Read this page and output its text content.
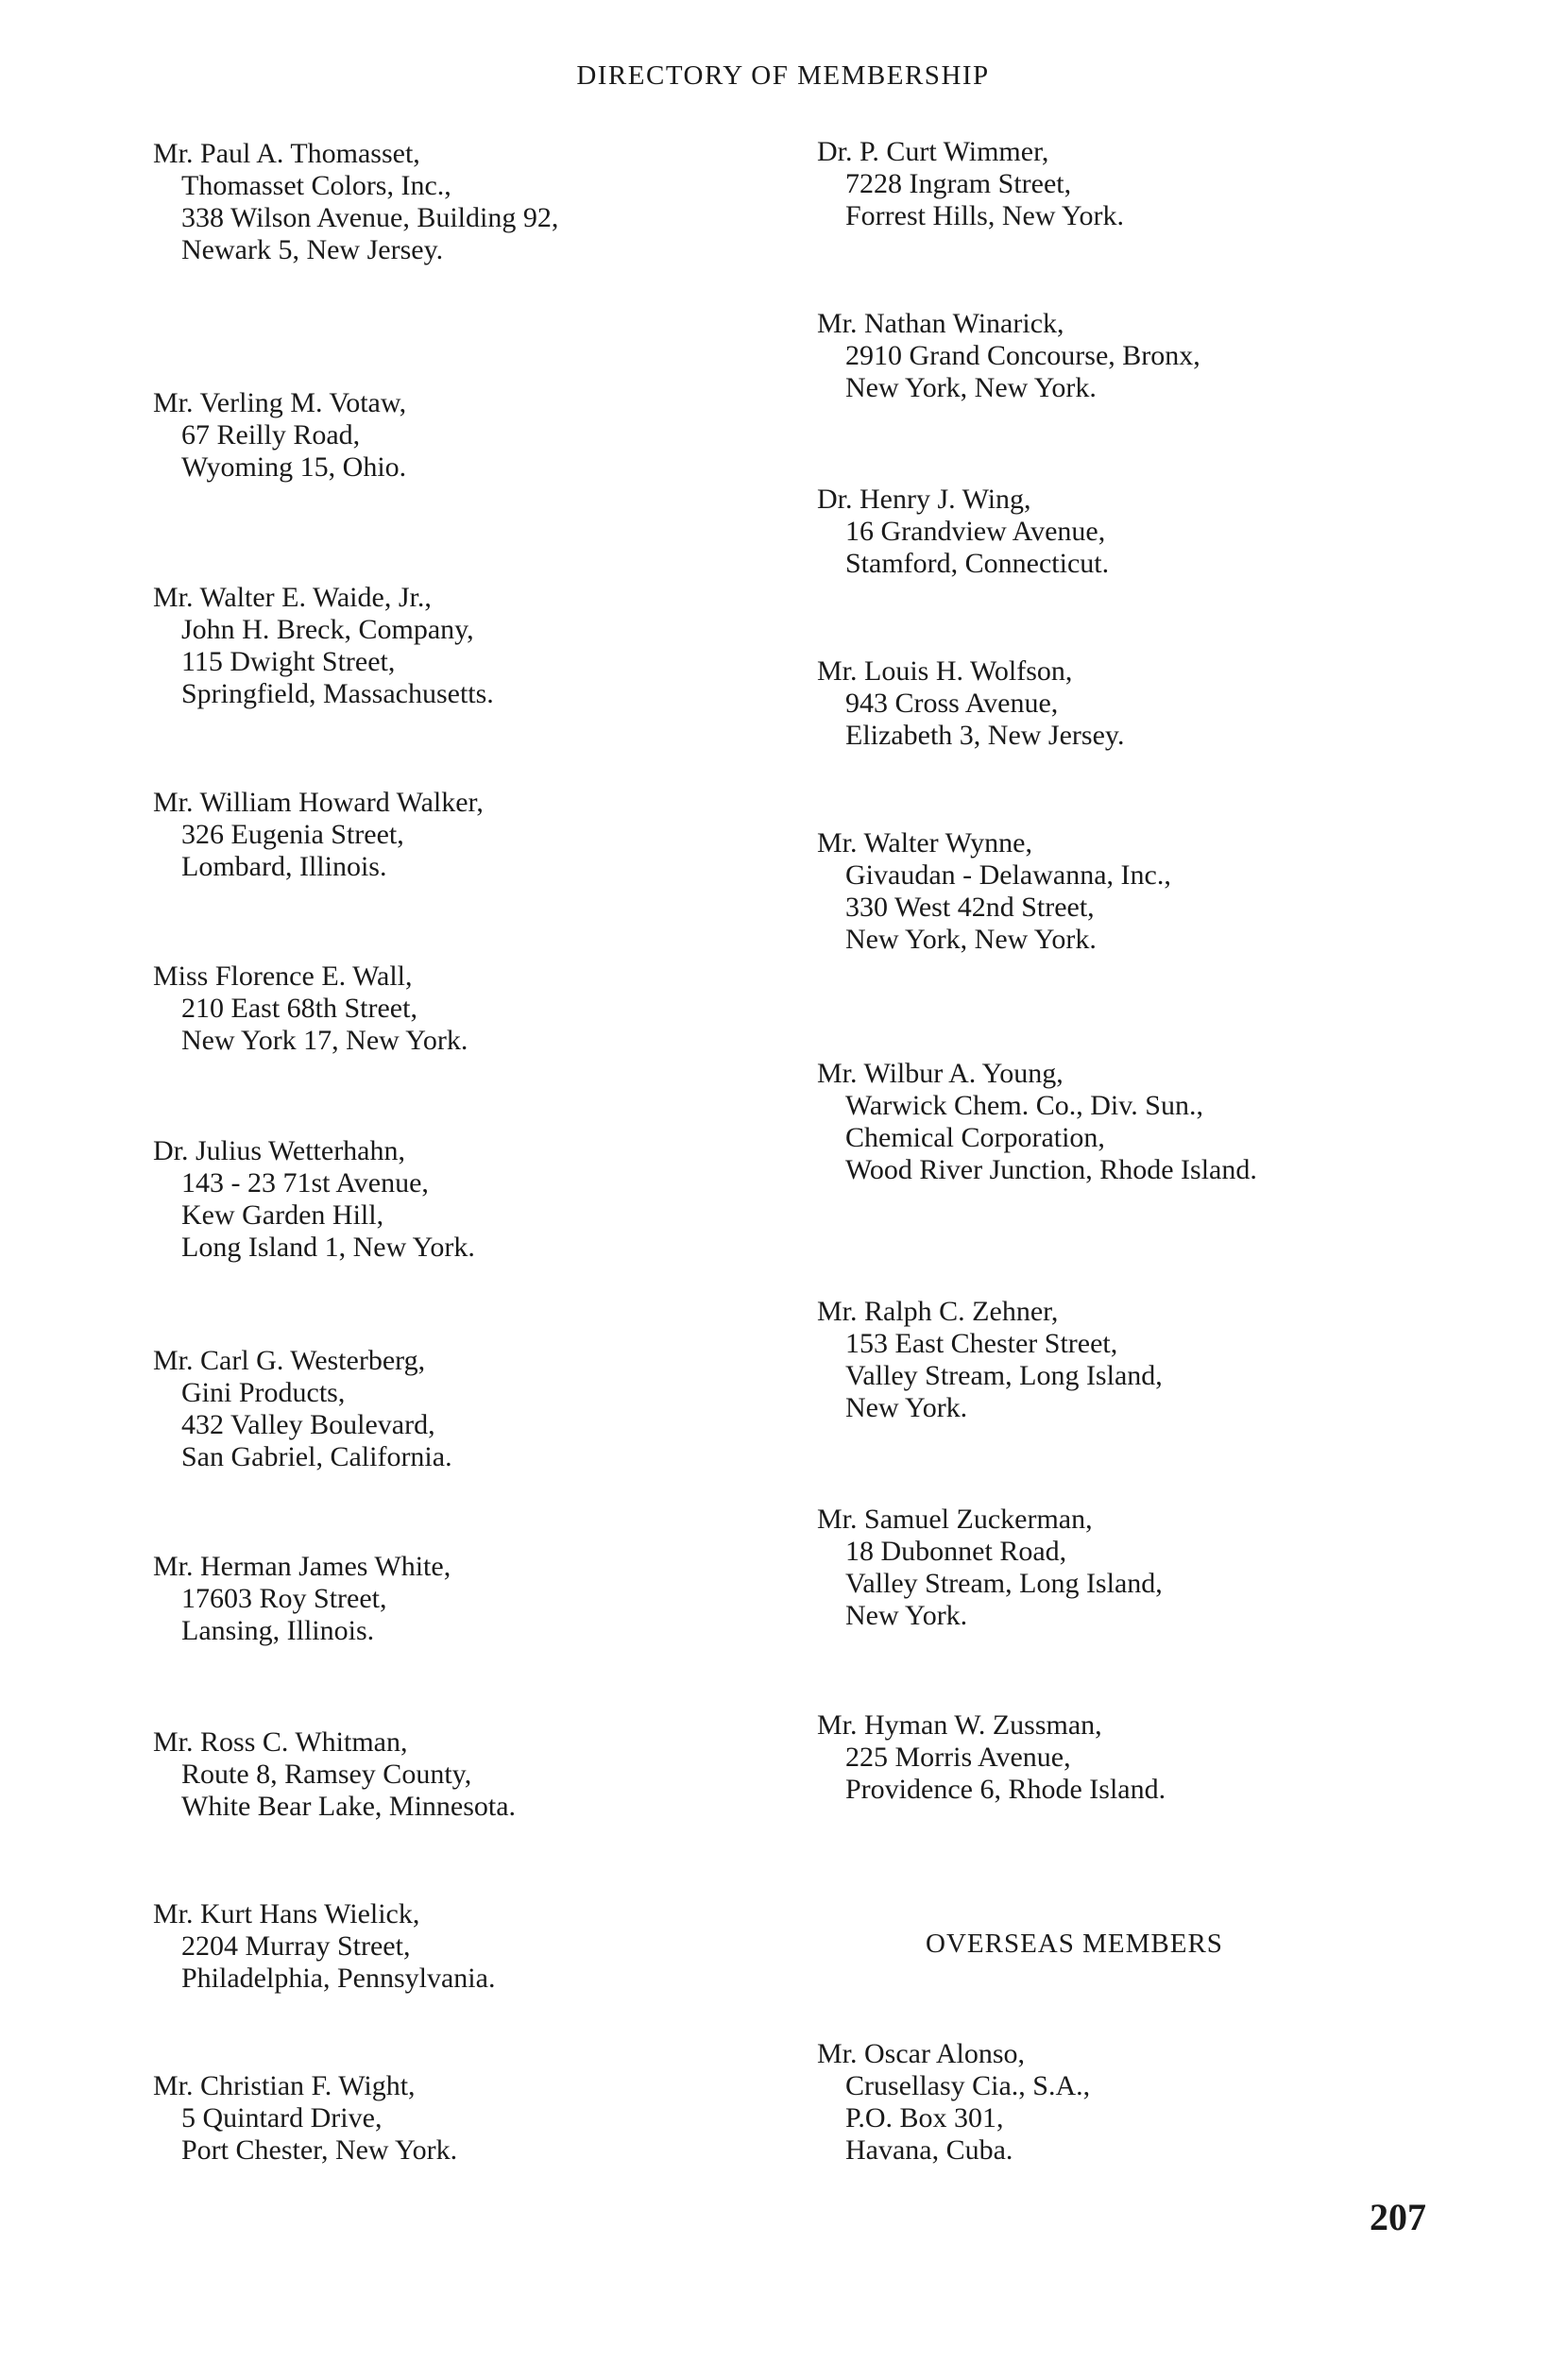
DIRECTORY OF MEMBERSHIP
Mr. Paul A. Thomasset,
Thomasset Colors, Inc.,
338 Wilson Avenue, Building 92,
Newark 5, New Jersey.
Mr. Verling M. Votaw,
67 Reilly Road,
Wyoming 15, Ohio.
Mr. Walter E. Waide, Jr.,
John H. Breck, Company,
115 Dwight Street,
Springfield, Massachusetts.
Mr. William Howard Walker,
326 Eugenia Street,
Lombard, Illinois.
Miss Florence E. Wall,
210 East 68th Street,
New York 17, New York.
Dr. Julius Wetterhahn,
143 - 23 71st Avenue,
Kew Garden Hill,
Long Island 1, New York.
Mr. Carl G. Westerberg,
Gini Products,
432 Valley Boulevard,
San Gabriel, California.
Mr. Herman James White,
17603 Roy Street,
Lansing, Illinois.
Mr. Ross C. Whitman,
Route 8, Ramsey County,
White Bear Lake, Minnesota.
Mr. Kurt Hans Wielick,
2204 Murray Street,
Philadelphia, Pennsylvania.
Mr. Christian F. Wight,
5 Quintard Drive,
Port Chester, New York.
Dr. P. Curt Wimmer,
7228 Ingram Street,
Forrest Hills, New York.
Mr. Nathan Winarick,
2910 Grand Concourse, Bronx,
New York, New York.
Dr. Henry J. Wing,
16 Grandview Avenue,
Stamford, Connecticut.
Mr. Louis H. Wolfson,
943 Cross Avenue,
Elizabeth 3, New Jersey.
Mr. Walter Wynne,
Givaudan - Delawanna, Inc.,
330 West 42nd Street,
New York, New York.
Mr. Wilbur A. Young,
Warwick Chem. Co., Div. Sun.,
Chemical Corporation,
Wood River Junction, Rhode Island.
Mr. Ralph C. Zehner,
153 East Chester Street,
Valley Stream, Long Island,
New York.
Mr. Samuel Zuckerman,
18 Dubonnet Road,
Valley Stream, Long Island,
New York.
Mr. Hyman W. Zussman,
225 Morris Avenue,
Providence 6, Rhode Island.
OVERSEAS MEMBERS
Mr. Oscar Alonso,
Crusellasy Cia., S.A.,
P.O. Box 301,
Havana, Cuba.
207
